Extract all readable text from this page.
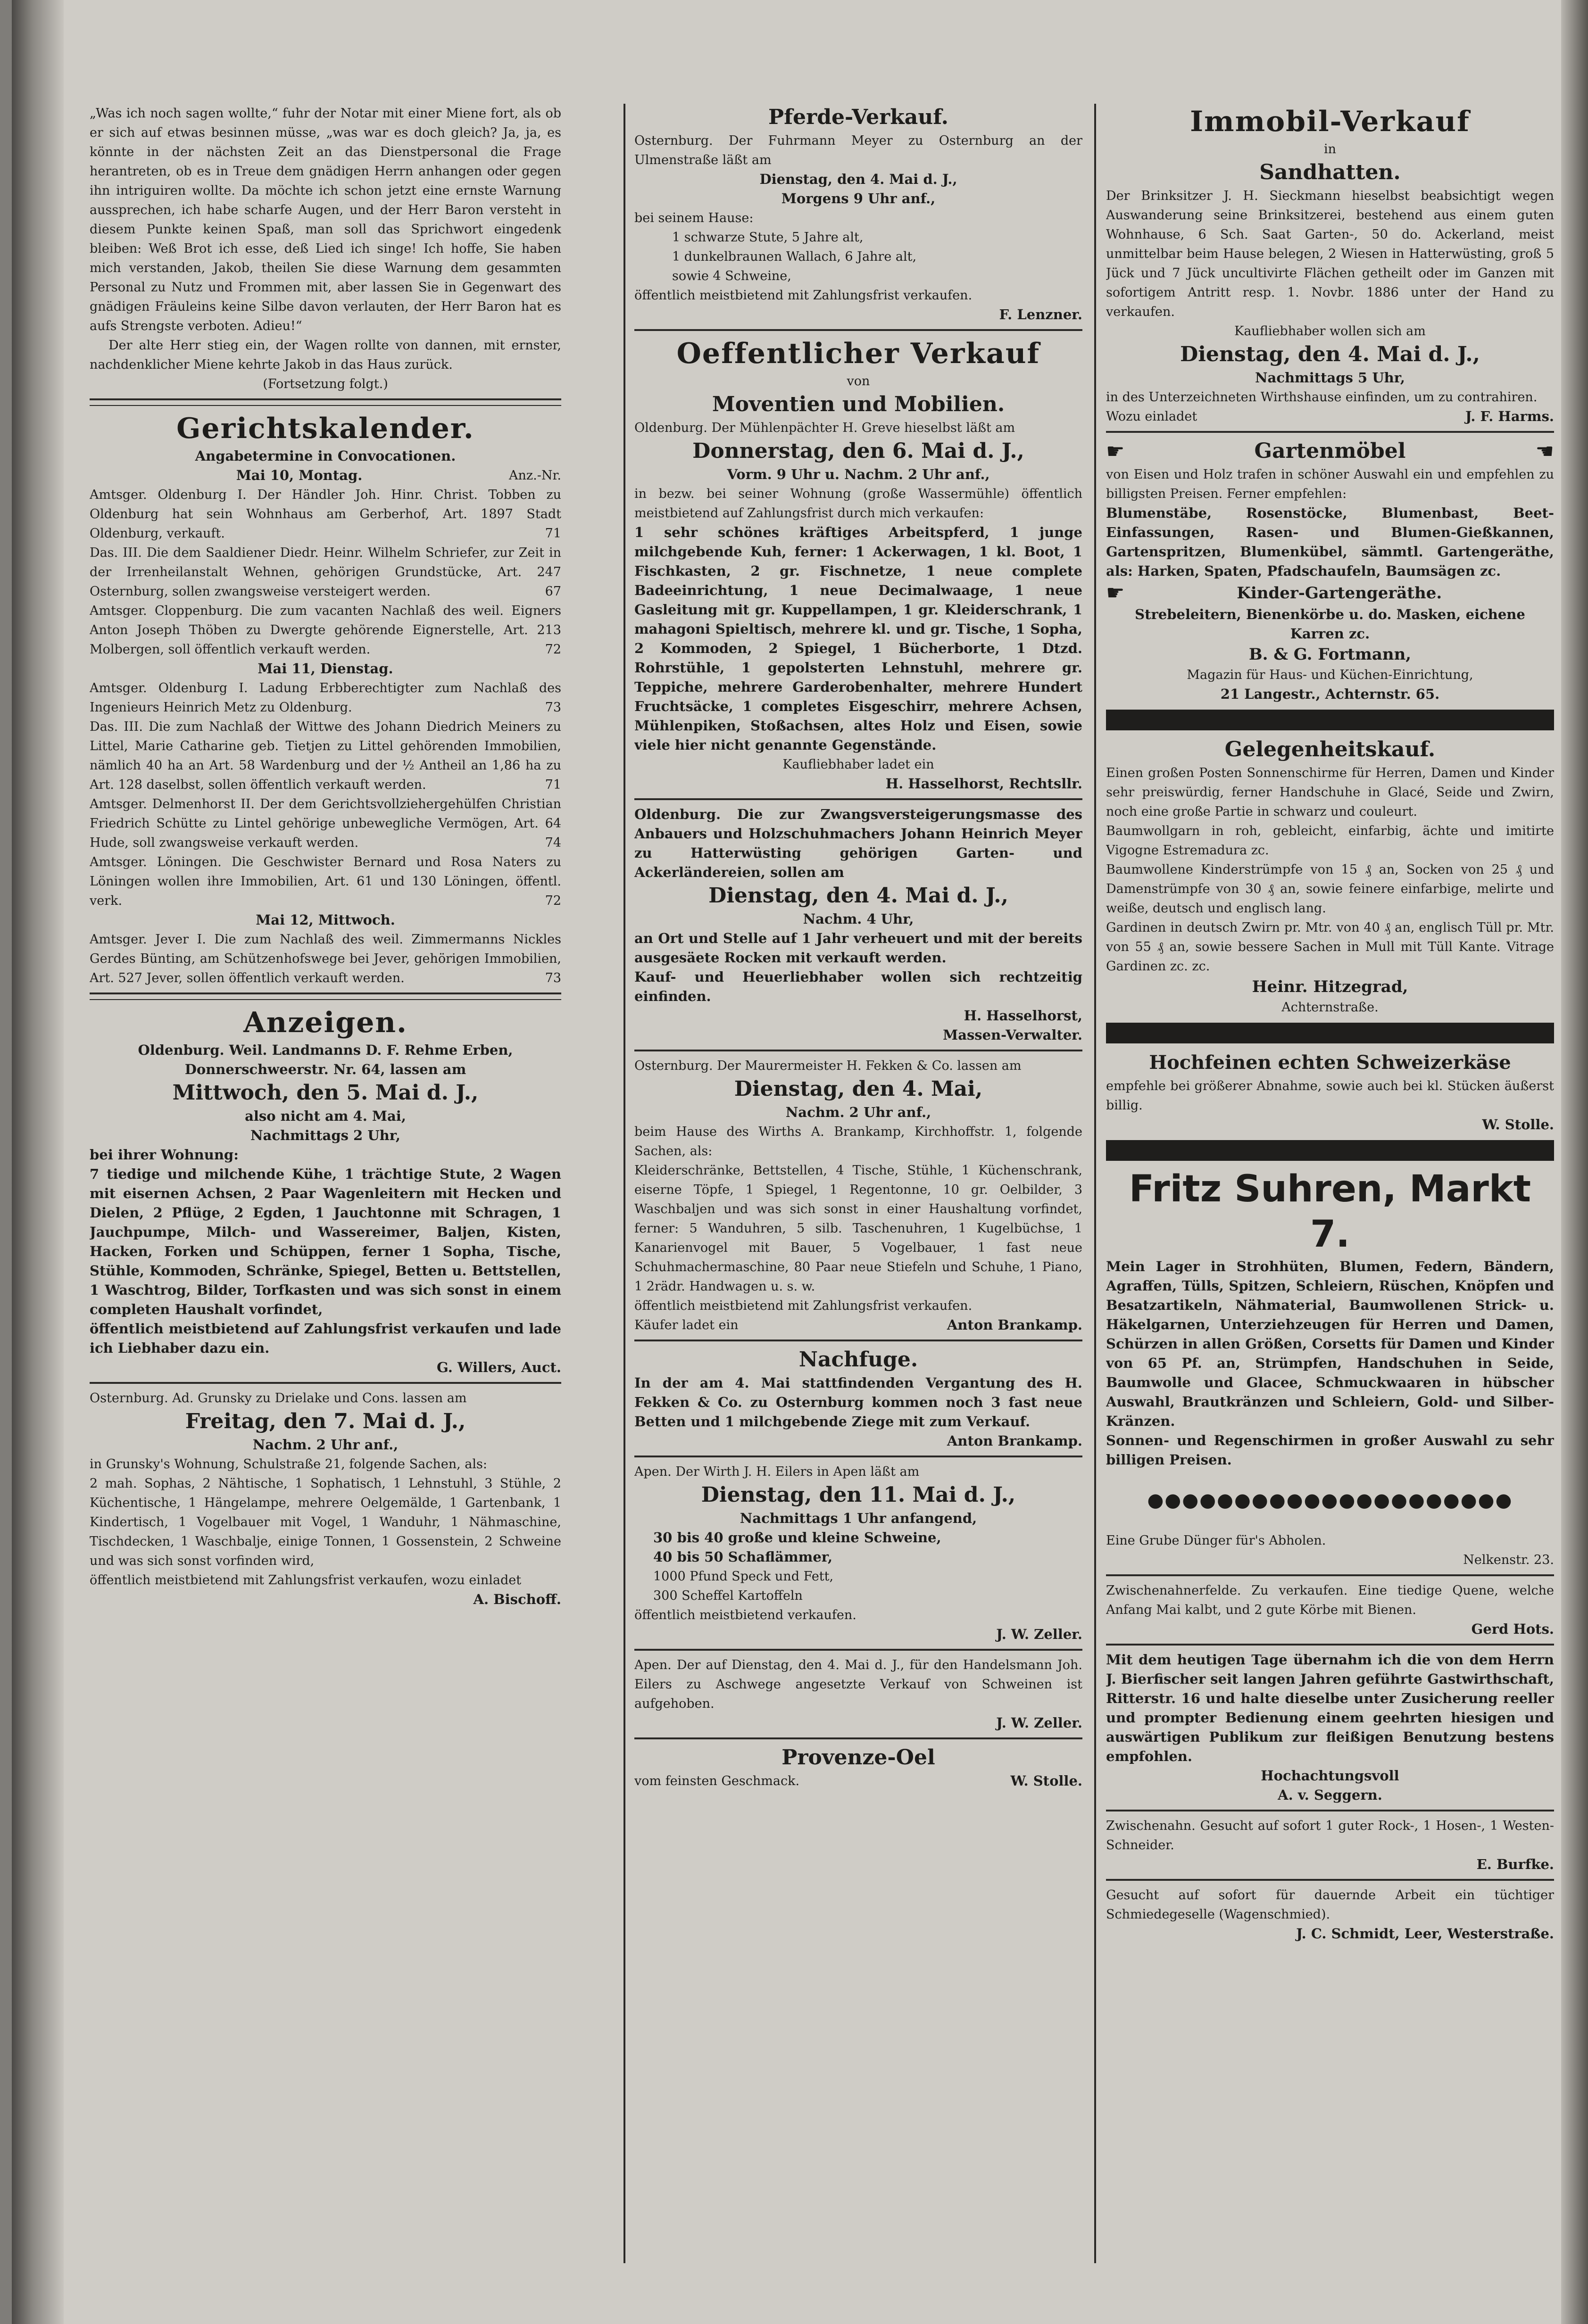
„Was ich noch sagen wollte,“ fuhr der Notar mit einer Miene fort, als ob er sich auf etwas besinnen müsse, „was war es doch gleich? Ja, ja, es könnte in der nächsten Zeit an das Dienstpersonal die Frage herantreten, ob es in Treue dem gnädigen Herrn anhangen oder gegen ihn intriguiren wollte. Da möchte ich schon jetzt eine ernste Warnung aussprechen, ich habe scharfe Augen, und der Herr Baron versteht in diesem Punkte keinen Spaß, man soll das Sprichwort eingedenk bleiben: Weß Brot ich esse, deß Lied ich singe! Ich hoffe, Sie haben mich verstanden, Jakob, theilen Sie diese Warnung dem gesammten Personal zu Nutz und Frommen mit, aber lassen Sie in Gegenwart des gnädigen Fräuleins keine Silbe davon verlauten, der Herr Baron hat es aufs Strengste verboten. Adieu!“

Der alte Herr stieg ein, der Wagen rollte von dannen, mit ernster, nachdenklicher Miene kehrte Jakob in das Haus zurück.

(Fortsetzung folgt.)

Gerichtskalender.

Angabetermine in Convocationen.

Mai 10, Montag.	Anz.-Nr.

Amtsger. Oldenburg I. Der Händler Joh. Hinr. Christ. Tobben zu Oldenburg hat sein Wohnhaus am Gerberhof, Art. 1897 Stadt Oldenburg, verkauft.	71

Das. III. Die dem Saaldiener Diedr. Heinr. Wilhelm Schriefer, zur Zeit in der Irrenheilanstalt Wehnen, gehörigen Grundstücke, Art. 247 Osternburg, sollen zwangsweise versteigert werden.	67

Amtsger. Cloppenburg. Die zum vacanten Nachlaß des weil. Eigners Anton Joseph Thöben zu Dwergte gehörende Eignerstelle, Art. 213 Molbergen, soll öffentlich verkauft werden.	72

Mai 11, Dienstag.

Amtsger. Oldenburg I. Ladung Erbberechtigter zum Nachlaß des Ingenieurs Heinrich Metz zu Oldenburg.	73

Das. III. Die zum Nachlaß der Wittwe des Johann Diedrich Meiners zu Littel, Marie Catharine geb. Tietjen zu Littel gehörenden Immobilien, nämlich 40 ha an Art. 58 Wardenburg und der ½ Antheil an 1,86 ha zu Art. 128 daselbst, sollen öffentlich verkauft werden.	71

Amtsger. Delmenhorst II. Der dem Gerichtsvollziehergehülfen Christian Friedrich Schütte zu Lintel gehörige unbewegliche Vermögen, Art. 64 Hude, soll zwangsweise verkauft werden.	74

Amtsger. Löningen. Die Geschwister Bernard und Rosa Naters zu Löningen wollen ihre Immobilien, Art. 61 und 130 Löningen, öffentl. verk.	72

Mai 12, Mittwoch.

Amtsger. Jever I. Die zum Nachlaß des weil. Zimmermanns Nickles Gerdes Bünting, am Schützenhofswege bei Jever, gehörigen Immobilien, Art. 527 Jever, sollen öffentlich verkauft werden.	73

Anzeigen.

Oldenburg. Weil. Landmanns D. F. Rehme Erben, Donnerschweerstr. Nr. 64, lassen am

Mittwoch, den 5. Mai d. J.,

also nicht am 4. Mai,

Nachmittags 2 Uhr,

bei ihrer Wohnung:

7 tiedige und milchende Kühe, 1 trächtige Stute, 2 Wagen mit eisernen Achsen, 2 Paar Wagenleitern mit Hecken und Dielen, 2 Pflüge, 2 Egden, 1 Jauchtonne mit Schragen, 1 Jauchpumpe, Milch- und Wassereimer, Baljen, Kisten, Hacken, Forken und Schüppen, ferner 1 Sopha, Tische, Stühle, Kommoden, Schränke, Spiegel, Betten u. Bettstellen, 1 Waschtrog, Bilder, Torfkasten und was sich sonst in einem completen Haushalt vorfindet,

öffentlich meistbietend auf Zahlungsfrist verkaufen und lade ich Liebhaber dazu ein.

G. Willers, Auct.

Osternburg. Ad. Grunsky zu Drielake und Cons. lassen am

Freitag, den 7. Mai d. J.,

Nachm. 2 Uhr anf.,

in Grunsky's Wohnung, Schulstraße 21, folgende Sachen, als:

2 mah. Sophas, 2 Nähtische, 1 Sophatisch, 1 Lehnstuhl, 3 Stühle, 2 Küchentische, 1 Hängelampe, mehrere Oelgemälde, 1 Gartenbank, 1 Kindertisch, 1 Vogelbauer mit Vogel, 1 Wanduhr, 1 Nähmaschine, Tischdecken, 1 Waschbalje, einige Tonnen, 1 Gossenstein, 2 Schweine und was sich sonst vorfinden wird,

öffentlich meistbietend mit Zahlungsfrist verkaufen, wozu einladet

A. Bischoff.

Pferde-Verkauf.

Osternburg. Der Fuhrmann Meyer zu Osternburg an der Ulmenstraße läßt am

Dienstag, den 4. Mai d. J.,

Morgens 9 Uhr anf.,

bei seinem Hause:

1 schwarze Stute, 5 Jahre alt,

1 dunkelbraunen Wallach, 6 Jahre alt,

sowie 4 Schweine,

öffentlich meistbietend mit Zahlungsfrist verkaufen.

F. Lenzner.

Oeffentlicher Verkauf

von

Moventien und Mobilien.

Oldenburg. Der Mühlenpächter H. Greve hieselbst läßt am

Donnerstag, den 6. Mai d. J.,

Vorm. 9 Uhr u. Nachm. 2 Uhr anf.,

in bezw. bei seiner Wohnung (große Wassermühle) öffentlich meistbietend auf Zahlungsfrist durch mich verkaufen:

1 sehr schönes kräftiges Arbeitspferd, 1 junge milchgebende Kuh, ferner: 1 Ackerwagen, 1 kl. Boot, 1 Fischkasten, 2 gr. Fischnetze, 1 neue complete Badeeinrichtung, 1 neue Decimalwaage, 1 neue Gasleitung mit gr. Kuppellampen, 1 gr. Kleiderschrank, 1 mahagoni Spieltisch, mehrere kl. und gr. Tische, 1 Sopha, 2 Kommoden, 2 Spiegel, 1 Bücherborte, 1 Dtzd. Rohrstühle, 1 gepolsterten Lehnstuhl, mehrere gr. Teppiche, mehrere Garderobenhalter, mehrere Hundert Fruchtsäcke, 1 completes Eisgeschirr, mehrere Achsen, Mühlenpiken, Stoßachsen, altes Holz und Eisen, sowie viele hier nicht genannte Gegenstände.

Kaufliebhaber ladet ein

H. Hasselhorst, Rechtsllr.

Oldenburg. Die zur Zwangsversteigerungsmasse des Anbauers und Holzschuhmachers Johann Heinrich Meyer zu Hatterwüsting gehörigen Garten- und Ackerländereien, sollen am

Dienstag, den 4. Mai d. J.,

Nachm. 4 Uhr,

an Ort und Stelle auf 1 Jahr verheuert und mit der bereits ausgesäete Rocken mit verkauft werden.

Kauf- und Heuerliebhaber wollen sich rechtzeitig einfinden.

H. Hasselhorst,

Massen-Verwalter.

Osternburg. Der Maurermeister H. Fekken & Co. lassen am

Dienstag, den 4. Mai,

Nachm. 2 Uhr anf.,

beim Hause des Wirths A. Brankamp, Kirchhoffstr. 1, folgende Sachen, als:

Kleiderschränke, Bettstellen, 4 Tische, Stühle, 1 Küchenschrank, eiserne Töpfe, 1 Spiegel, 1 Regentonne, 10 gr. Oelbilder, 3 Waschbaljen und was sich sonst in einer Haushaltung vorfindet, ferner: 5 Wanduhren, 5 silb. Taschenuhren, 1 Kugelbüchse, 1 Kanarienvogel mit Bauer, 5 Vogelbauer, 1 fast neue Schuhmachermaschine, 80 Paar neue Stiefeln und Schuhe, 1 Piano, 1 2rädr. Handwagen u. s. w.

öffentlich meistbietend mit Zahlungsfrist verkaufen.

Käufer ladet ein	Anton Brankamp.

Nachfuge.

In der am 4. Mai stattfindenden Vergantung des H. Fekken & Co. zu Osternburg kommen noch 3 fast neue Betten und 1 milchgebende Ziege mit zum Verkauf.

Anton Brankamp.

Apen. Der Wirth J. H. Eilers in Apen läßt am

Dienstag, den 11. Mai d. J.,

Nachmittags 1 Uhr anfangend,

30 bis 40 große und kleine Schweine,

40 bis 50 Schaflämmer,

1000 Pfund Speck und Fett,

300 Scheffel Kartoffeln

öffentlich meistbietend verkaufen.

J. W. Zeller.

Apen. Der auf Dienstag, den 4. Mai d. J., für den Handelsmann Joh. Eilers zu Aschwege angesetzte Verkauf von Schweinen ist aufgehoben.

J. W. Zeller.

Provenze-Oel

vom feinsten Geschmack.	W. Stolle.

Immobil-Verkauf

in

Sandhatten.

Der Brinksitzer J. H. Sieckmann hieselbst beabsichtigt wegen Auswanderung seine Brinksitzerei, bestehend aus einem guten Wohnhause, 6 Sch. Saat Garten-, 50 do. Ackerland, meist unmittelbar beim Hause belegen, 2 Wiesen in Hatterwüsting, groß 5 Jück und 7 Jück uncultivirte Flächen getheilt oder im Ganzen mit sofortigem Antritt resp. 1. Novbr. 1886 unter der Hand zu verkaufen.

Kaufliebhaber wollen sich am

Dienstag, den 4. Mai d. J.,

Nachmittags 5 Uhr,

in des Unterzeichneten Wirthshause einfinden, um zu contrahiren.

Wozu einladet	J. F. Harms.
☛	Gartenmöbel	☚

von Eisen und Holz trafen in schöner Auswahl ein und empfehlen zu billigsten Preisen. Ferner empfehlen:

Blumenstäbe, Rosenstöcke, Blumenbast, Beet-Einfassungen, Rasen- und Blumen-Gießkannen, Gartenspritzen, Blumenkübel, sämmtl. Gartengeräthe, als: Harken, Spaten, Pfadschaufeln, Baumsägen zc.

☛	Kinder-Gartengeräthe.

Strebeleitern, Bienenkörbe u. do. Masken, eichene Karren zc.

B. & G. Fortmann,

Magazin für Haus- und Küchen-Einrichtung,

21 Langestr., Achternstr. 65.

Gelegenheitskauf.

Einen großen Posten Sonnenschirme für Herren, Damen und Kinder sehr preiswürdig, ferner Handschuhe in Glacé, Seide und Zwirn, noch eine große Partie in schwarz und couleurt.

Baumwollgarn in roh, gebleicht, einfarbig, ächte und imitirte Vigogne Estremadura zc.

Baumwollene Kinderstrümpfe von 15 ₰ an, Socken von 25 ₰ und Damenstrümpfe von 30 ₰ an, sowie feinere einfarbige, melirte und weiße, deutsch und englisch lang.

Gardinen in deutsch Zwirn pr. Mtr. von 40 ₰ an, englisch Tüll pr. Mtr. von 55 ₰ an, sowie bessere Sachen in Mull mit Tüll Kante. Vitrage Gardinen zc. zc.

Heinr. Hitzegrad,

Achternstraße.

Hochfeinen echten Schweizerkäse

empfehle bei größerer Abnahme, sowie auch bei kl. Stücken äußerst billig.

W. Stolle.

Fritz Suhren, Markt 7.

Mein Lager in Strohhüten, Blumen, Federn, Bändern, Agraffen, Tülls, Spitzen, Schleiern, Rüschen, Knöpfen und Besatzartikeln, Nähmaterial, Baumwollenen Strick- u. Häkelgarnen, Unterziehzeugen für Herren und Damen, Schürzen in allen Größen, Corsetts für Damen und Kinder von 65 Pf. an, Strümpfen, Handschuhen in Seide, Baumwolle und Glacee, Schmuckwaaren in hübscher Auswahl, Brautkränzen und Schleiern, Gold- und Silber-Kränzen.

Sonnen- und Regenschirmen in großer Auswahl zu sehr billigen Preisen.

●●●●●●●●●●●●●●●●●●●●●

Eine Grube Dünger für's Abholen.

Nelkenstr. 23.

Zwischenahnerfelde. Zu verkaufen. Eine tiedige Quene, welche Anfang Mai kalbt, und 2 gute Körbe mit Bienen.

Gerd Hots.

Mit dem heutigen Tage übernahm ich die von dem Herrn J. Bierfischer seit langen Jahren geführte Gastwirthschaft, Ritterstr. 16 und halte dieselbe unter Zusicherung reeller und prompter Bedienung einem geehrten hiesigen und auswärtigen Publikum zur fleißigen Benutzung bestens empfohlen.

Hochachtungsvoll

A. v. Seggern.

Zwischenahn. Gesucht auf sofort 1 guter Rock-, 1 Hosen-, 1 Westen-Schneider.

E. Burfke.

Gesucht auf sofort für dauernde Arbeit ein tüchtiger Schmiedegeselle (Wagenschmied).

J. C. Schmidt, Leer, Westerstraße.
